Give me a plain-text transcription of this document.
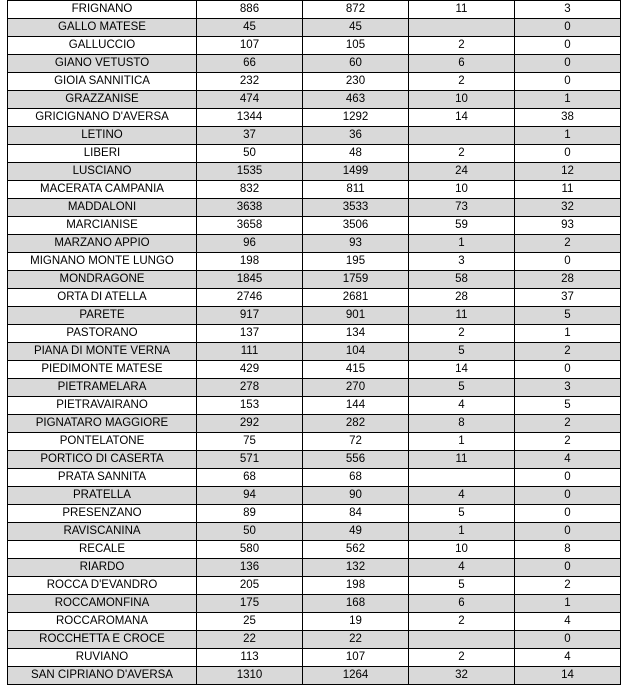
FRIGNANO	886	872	11	3
GALLO MATESE	45	45		0
GALLUCCIO	107	105	2	0
GIANO VETUSTO	66	60	6	0
GIOIA SANNITICA	232	230	2	0
GRAZZANISE	474	463	10	1
GRICIGNANO D'AVERSA	1344	1292	14	38
LETINO	37	36		1
LIBERI	50	48	2	0
LUSCIANO	1535	1499	24	12
MACERATA CAMPANIA	832	811	10	11
MADDALONI	3638	3533	73	32
MARCIANISE	3658	3506	59	93
MARZANO APPIO	96	93	1	2
MIGNANO MONTE LUNGO	198	195	3	0
MONDRAGONE	1845	1759	58	28
ORTA DI ATELLA	2746	2681	28	37
PARETE	917	901	11	5
PASTORANO	137	134	2	1
PIANA DI MONTE VERNA	111	104	5	2
PIEDIMONTE MATESE	429	415	14	0
PIETRAMELARA	278	270	5	3
PIETRAVAIRANO	153	144	4	5
PIGNATARO MAGGIORE	292	282	8	2
PONTELATONE	75	72	1	2
PORTICO DI CASERTA	571	556	11	4
PRATA SANNITA	68	68		0
PRATELLA	94	90	4	0
PRESENZANO	89	84	5	0
RAVISCANINA	50	49	1	0
RECALE	580	562	10	8
RIARDO	136	132	4	0
ROCCA D'EVANDRO	205	198	5	2
ROCCAMONFINA	175	168	6	1
ROCCAROMANA	25	19	2	4
ROCCHETTA E CROCE	22	22		0
RUVIANO	113	107	2	4
SAN CIPRIANO D'AVERSA	1310	1264	32	14
